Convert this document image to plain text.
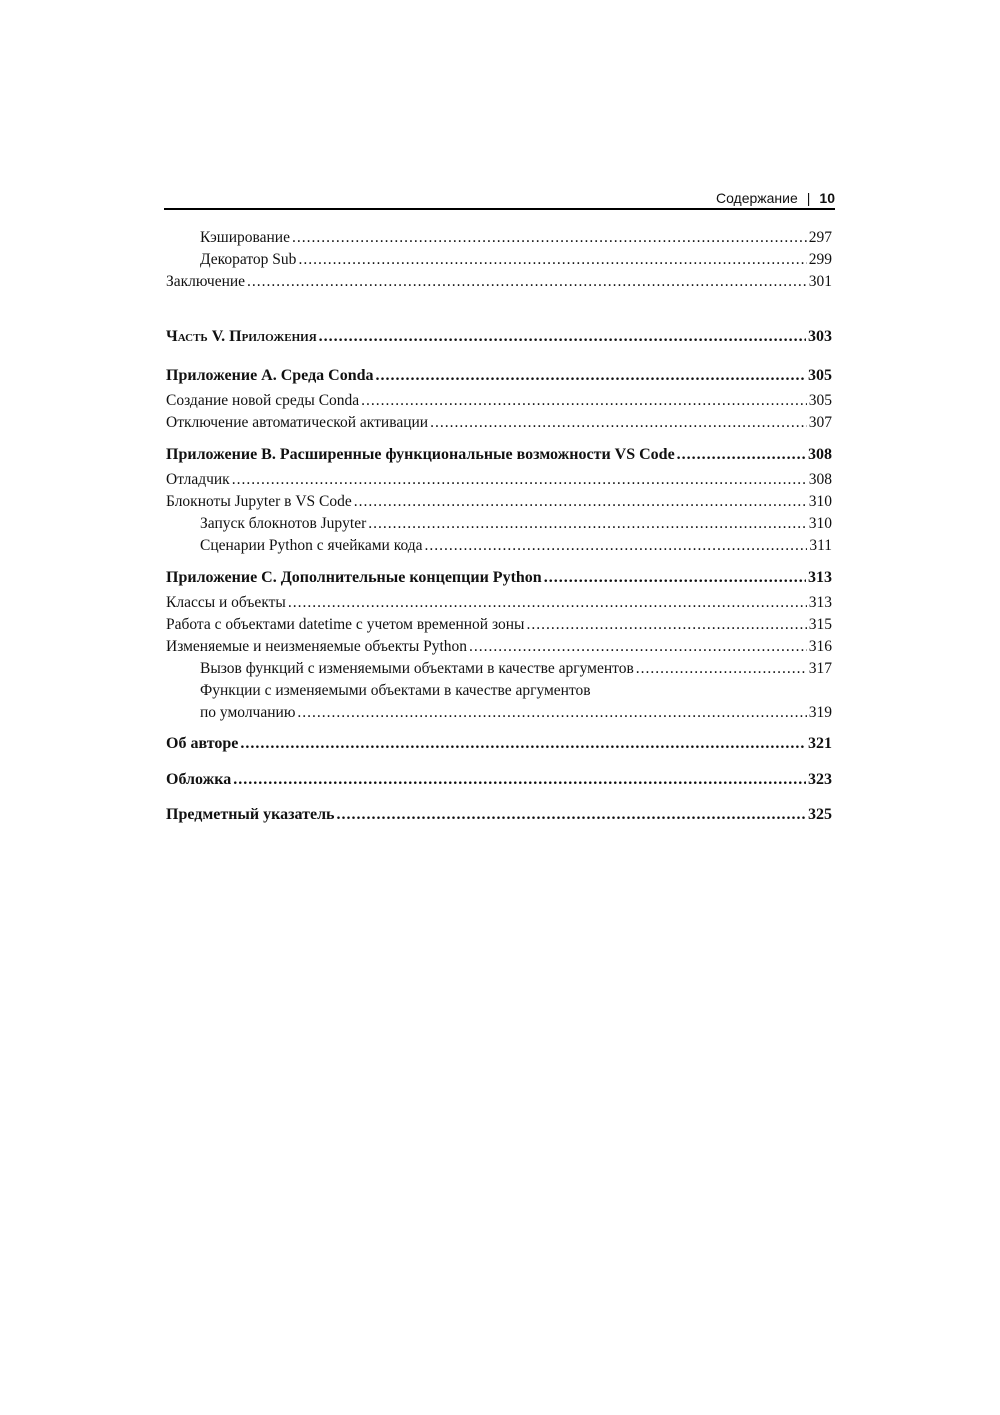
Содержание | 10
Кэширование .....	297
Декоратор Sub .....	299
Заключение .....	301
Часть V. Приложения .....	303
Приложение A. Среда Conda .....	305
Создание новой среды Conda .....	305
Отключение автоматической активации .....	307
Приложение B. Расширенные функциональные возможности VS Code .....	308
Отладчик .....	308
Блокноты Jupyter в VS Code .....	310
Запуск блокнотов Jupyter .....	310
Сценарии Python с ячейками кода .....	311
Приложение C. Дополнительные концепции Python .....	313
Классы и объекты .....	313
Работа с объектами datetime с учетом временной зоны .....	315
Изменяемые и неизменяемые объекты Python .....	316
Вызов функций с изменяемыми объектами в качестве аргументов .....	317
Функции с изменяемыми объектами в качестве аргументов
по умолчанию .....	319
Об авторе .....	321
Обложка .....	323
Предметный указатель .....	325
